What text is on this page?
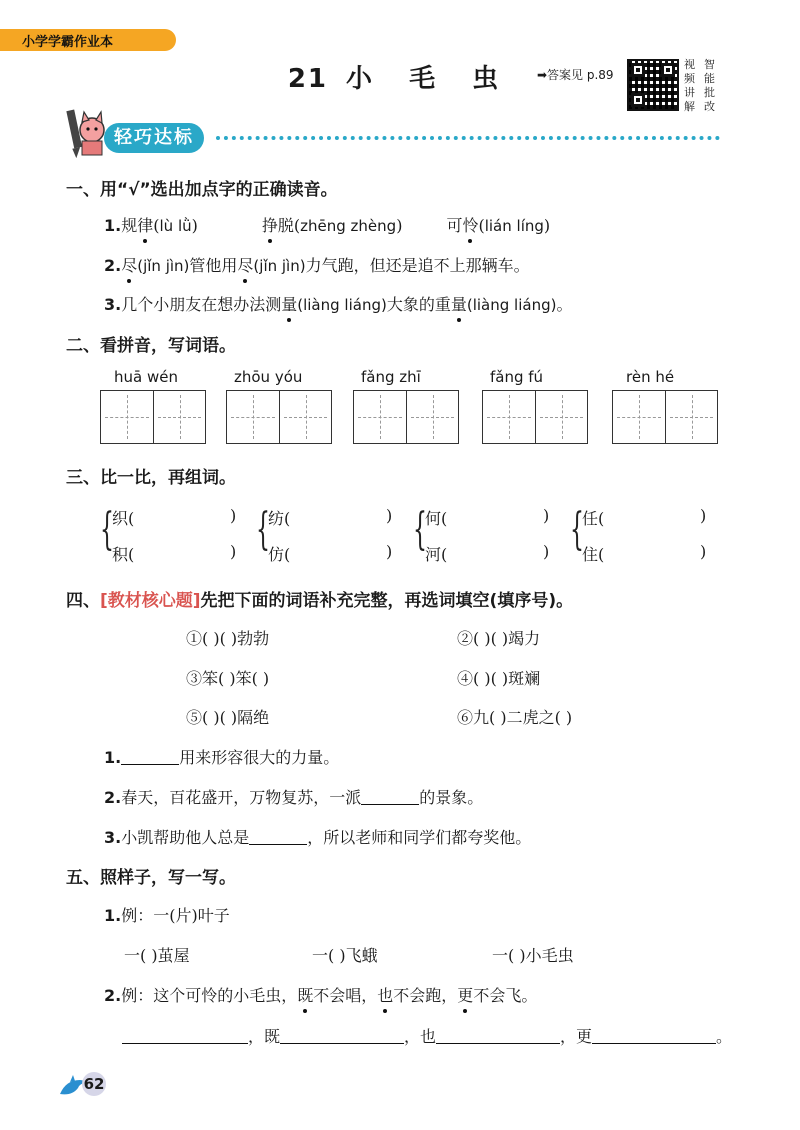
小学学霸作业本
21 小 毛 虫	➡答案见 p.89
视 智
频 能
讲 批
解 改
轻巧达标
一、用“√”选出加点字的正确读音。
1.规律(lù lǜ)	挣脱(zhēng zhèng)	可怜(lián líng)
2.尽(jǐn jìn)管他用尽(jǐn jìn)力气跑，但还是追不上那辆车。
3.几个小朋友在想办法测量(liàng liáng)大象的重量(liàng liáng)。
二、看拼音，写词语。
huā wén	zhōu yóu	fǎng zhī	fǎng fú	rèn hé
三、比一比，再组词。
{
织(	)
积(	) {
纺(	)
仿(	) {
何(	)
河(	) {
任(	)
住(	)
四、[教材核心题]先把下面的词语补充完整，再选词填空(填序号)。
①( )( )勃勃	②( )( )竭力
③笨( )笨( )	④( )( )斑斓
⑤( )( )隔绝	⑥九( )二虎之( )
1.	用来形容很大的力量。
2.春天，百花盛开，万物复苏，一派	的景象。
3.小凯帮助他人总是	，所以老师和同学们都夸奖他。
五、照样子，写一写。
1.例：一(片)叶子
一( )茧屋	一( )飞蛾	一( )小毛虫
2.例：这个可怜的小毛虫，既不会唱，也不会跑，更不会飞。
，既	，也	，更	。
62
